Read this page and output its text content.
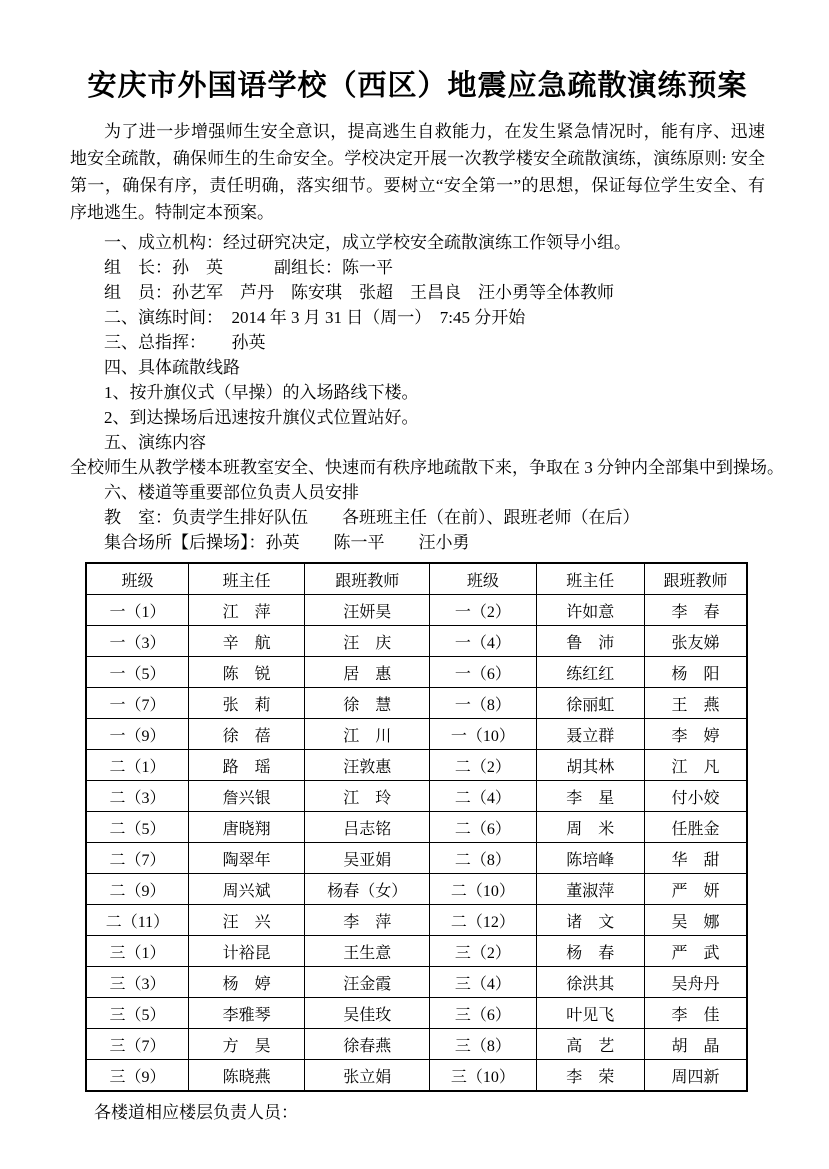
安庆市外国语学校（西区）地震应急疏散演练预案

为了进一步增强师生安全意识，提高逃生自救能力，在发生紧急情况时，能有序、迅速地安全疏散，确保师生的生命安全。学校决定开展一次教学楼安全疏散演练，演练原则: 安全第一，确保有序，责任明确，落实细节。要树立“安全第一”的思想，保证每位学生安全、有序地逃生。特制定本预案。

一、成立机构：经过研究决定，成立学校安全疏散演练工作领导小组。
组　长：孙　英　　　副组长：陈一平
组　员：孙艺军　芦丹　陈安琪　张超　王昌良　汪小勇等全体教师
二、演练时间：　2014 年 3 月 31 日（周一）　7:45 分开始
三、总指挥：　　孙英
四、具体疏散线路
1、按升旗仪式（早操）的入场路线下楼。
2、到达操场后迅速按升旗仪式位置站好。
五、演练内容
全校师生从教学楼本班教室安全、快速而有秩序地疏散下来，争取在 3 分钟内全部集中到操场。
六、楼道等重要部位负责人员安排
教　室：负责学生排好队伍　　各班班主任（在前）、跟班老师（在后）
集合场所【后操场】：孙英　　陈一平　　汪小勇
班级	班主任	跟班教师	班级	班主任	跟班教师
一（1）	江　萍	汪妍昊	一（2）	许如意	李　春
一（3）	辛　航	汪　庆	一（4）	鲁　沛	张友娣
一（5）	陈　锐	居　惠	一（6）	练红红	杨　阳
一（7）	张　莉	徐　慧	一（8）	徐丽虹	王　燕
一（9）	徐　蓓	江　川	一（10）	聂立群	李　婷
二（1）	路　瑶	汪敦惠	二（2）	胡其林	江　凡
二（3）	詹兴银	江　玲	二（4）	李　星	付小姣
二（5）	唐晓翔	吕志铭	二（6）	周　米	任胜金
二（7）	陶翠年	吴亚娟	二（8）	陈培峰	华　甜
二（9）	周兴斌	杨春（女）	二（10）	董淑萍	严　妍
二（11）	汪　兴	李　萍	二（12）	诸　文	吴　娜
三（1）	计裕昆	王生意	三（2）	杨　春	严　武
三（3）	杨　婷	汪金霞	三（4）	徐洪其	吴舟丹
三（5）	李雅琴	吴佳玫	三（6）	叶见飞	李　佳
三（7）	方　昊	徐春燕	三（8）	高　艺	胡　晶
三（9）	陈晓燕	张立娟	三（10）	李　荣	周四新
各楼道相应楼层负责人员：
